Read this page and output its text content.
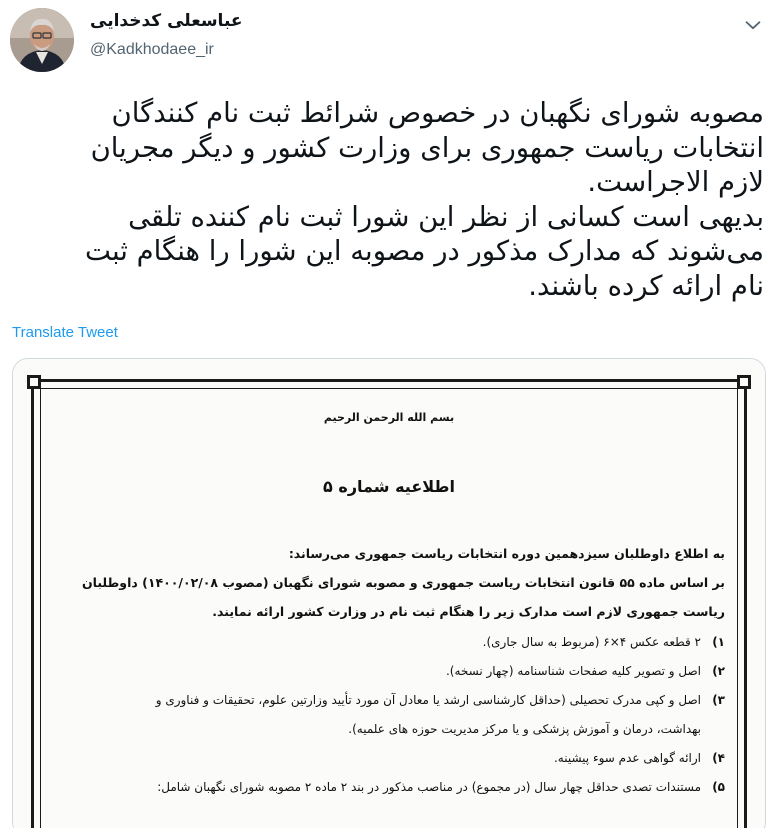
عباسعلی کدخدایی
@Kadkhodaee_ir

مصوبه شورای نگهبان در خصوص شرائط ثبت نام کنندگان

انتخابات ریاست جمهوری برای وزارت کشور و دیگر مجریان

لازم الاجراست.

بدیهی است کسانی از نظر این شورا ثبت نام کننده تلقی

می‌شوند که مدارک مذکور در مصوبه این شورا را هنگام ثبت

نام ارائه کرده باشند.

Translate Tweet
بسم الله الرحمن الرحیم
اطلاعیه شماره ۵

به اطلاع داوطلبان سیزدهمین دوره انتخابات ریاست جمهوری می‌رساند:

بر اساس ماده ۵۵ قانون انتخابات ریاست جمهوری و مصوبه شورای نگهبان (مصوب ۱۴۰۰/۰۲/۰۸) داوطلبان

ریاست جمهوری لازم است مدارک زیر را هنگام ثبت نام در وزارت کشور ارائه نمایند.

۱)
۲ قطعه عکس ۴×۶ (مربوط به سال جاری).
۲)
اصل و تصویر کلیه صفحات شناسنامه (چهار نسخه).
۳)
اصل و کپی مدرک تحصیلی (حداقل کارشناسی ارشد یا معادل آن مورد تأیید وزارتین علوم، تحقیقات و فناوری و
بهداشت، درمان و آموزش پزشکی و یا مرکز مدیریت حوزه های علمیه).
۴)
ارائه گواهی عدم سوء پیشینه.
۵)
مستندات تصدی حداقل چهار سال (در مجموع) در مناصب مذکور در بند ۲ ماده ۲ مصوبه شورای نگهبان شامل:
